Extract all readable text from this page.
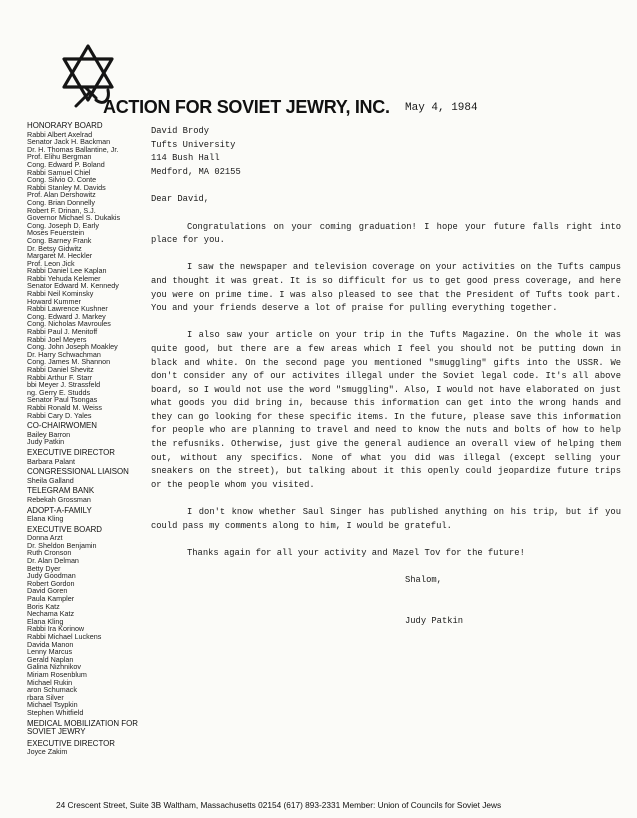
ACTION FOR SOVIET JEWRY, INC. May 4, 1984
HONORARY BOARD
Rabbi Albert Axelrad
Senator Jack H. Backman
Dr. H. Thomas Ballantine, Jr.
Prof. Elihu Bergman
Cong. Edward P. Boland
Rabbi Samuel Chiel
Cong. Silvio O. Conte
Rabbi Stanley M. Davids
Prof. Alan Dershowitz
Cong. Brian Donnelly
Robert F. Drinan, S.J.
Governor Michael S. Dukakis
Cong. Joseph D. Early
Moses Feuerstein
Cong. Barney Frank
Dr. Betsy Gidwitz
Margaret M. Heckler
Prof. Leon Jick
Rabbi Daniel Lee Kaplan
Rabbi Yehuda Kelemer
Senator Edward M. Kennedy
Rabbi Neil Kominsky
Howard Kummer
Rabbi Lawrence Kushner
Cong. Edward J. Markey
Cong. Nicholas Mavroules
Rabbi Paul J. Menitoff
Rabbi Joel Meyers
Cong. John Joseph Moakley
Dr. Harry Schwachman
Cong. James M. Shannon
Rabbi Daniel Shevitz
Rabbi Arthur F. Starr
bbi Meyer J. Strassfeld
ng. Gerry E. Studds
Senator Paul Tsongas
Rabbi Ronald M. Weiss
Rabbi Cary D. Yales
CO-CHAIRWOMEN
Bailey Barron
Judy Patkin
EXECUTIVE DIRECTOR
Barbara Palant
CONGRESSIONAL LIAISON
Sheila Galland
TELEGRAM BANK
Rebekah Grossman
ADOPT-A-FAMILY
Elana Kling
EXECUTIVE BOARD
Donna Arzt
Dr. Sheldon Benjamin
Ruth Cronson
Dr. Alan Delman
Betty Dyer
Judy Goodman
Robert Gordon
David Goren
Paula Kampler
Boris Katz
Nechama Katz
Elana Kling
Rabbi Ira Korinow
Rabbi Michael Luckens
Davida Manon
Lenny Marcus
Gerald Naplan
Galina Nizhnikov
Miriam Rosenblum
Michael Rukin
aron Schumack
rbara Silver
Michael Tsypkin
Stephen Whitfield
MEDICAL MOBILIZATION FOR SOVIET JEWRY
EXECUTIVE DIRECTOR
Joyce Zakim
David Brody
Tufts University
114 Bush Hall
Medford, MA 02155
Dear David,

Congratulations on your coming graduation! I hope your future falls right into place for you.

I saw the newspaper and television coverage on your activities on the Tufts campus and thought it was great. It is so difficult for us to get good press coverage, and here you were on prime time. I was also pleased to see that the President of Tufts took part. You and your friends deserve a lot of praise for pulling everything together.

I also saw your article on your trip in the Tufts Magazine. On the whole it was quite good, but there are a few areas which I feel you should not be putting down in black and white. On the second page you mentioned "smuggling" gifts into the USSR. We don't consider any of our activites illegal under the Soviet legal code. It's all above board, so I would not use the word "smuggling". Also, I would not have elaborated on just what goods you did bring in, because this information can get into the wrong hands and they can go looking for these specific items. In the future, please save this information for people who are planning to travel and need to know the nuts and bolts of how to help the refusniks. Otherwise, just give the general audience an overall view of helping them out, without any specifics. None of what you did was illegal (except selling your sneakers on the street), but talking about it this openly could jeopardize future trips or the people whom you visited.

I don't know whether Saul Singer has published anything on his trip, but if you could pass my comments along to him, I would be grateful.

Thanks again for all your activity and Mazel Tov for the future!

Shalom,
Judy Patkin
24 Crescent Street, Suite 3B Waltham, Massachusetts 02154 (617) 893-2331 Member: Union of Councils for Soviet Jews
